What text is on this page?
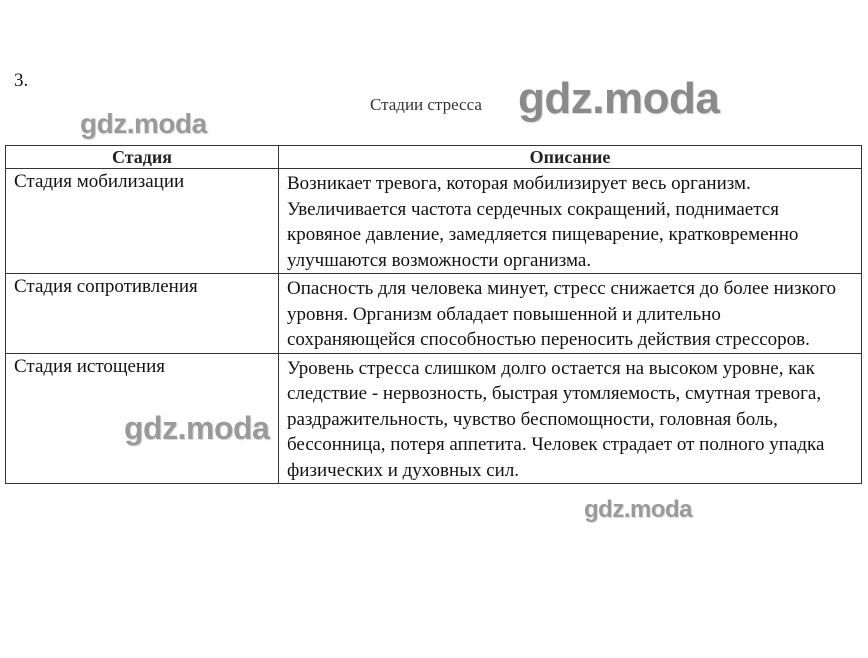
3.
Стадии стресса
Стадия	Описание
Стадия мобилизации	Возникает тревога, которая мобилизирует весь организм. Увеличивается частота сердечных сокращений, поднимается кровяное давление, замедляется пищеварение, кратковременно улучшаются возможности организма.
Стадия сопротивления	Опасность для человека минует, стресс снижается до более низкого уровня. Организм обладает повышенной и длительно сохраняющейся способностью переносить действия стрессоров.
Стадия истощения	Уровень стресса слишком долго остается на высоком уровне, как следствие - нервозность, быстрая утомляемость, смутная тревога, раздражительность, чувство беспомощности, головная боль, бессонница, потеря аппетита. Человек страдает от полного упадка физических и духовных сил.
gdz.moda
gdz.moda
gdz.moda
gdz.moda
